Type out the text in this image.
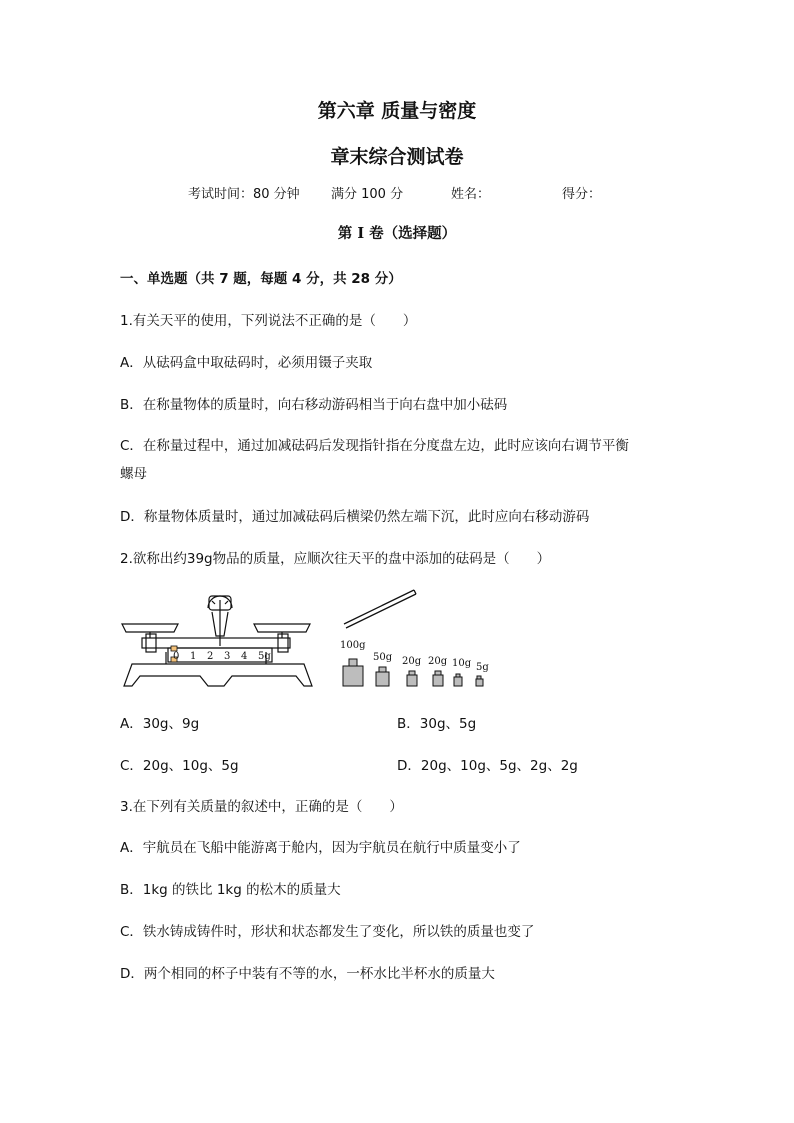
第六章 质量与密度
章末综合测试卷
考试时间：80 分钟 满分 100 分	姓名：	得分：
第 I 卷（选择题）
一、单选题（共 7 题，每题 4 分，共 28 分）
1.有关天平的使用，下列说法不正确的是（　　）
A．从砝码盒中取砝码时，必须用镊子夹取
B．在称量物体的质量时，向右移动游码相当于向右盘中加小砝码
C．在称量过程中，通过加减砝码后发现指针指在分度盘左边，此时应该向右调节平衡
螺母
D．称量物体质量时，通过加减砝码后横梁仍然左端下沉，此时应向右移动游码
2.欲称出约39g物品的质量，应顺次往天平的盘中添加的砝码是（　　）
0 1 2 3 4 5g
100g
50g 20g 20g 10g 5g
A．30g、9g	B．30g、5g
C．20g、10g、5g	D．20g、10g、5g、2g、2g
3.在下列有关质量的叙述中，正确的是（　　）
A．宇航员在飞船中能游离于舱内，因为宇航员在航行中质量变小了
B．1kg 的铁比 1kg 的松木的质量大
C．铁水铸成铸件时，形状和状态都发生了变化，所以铁的质量也变了
D．两个相同的杯子中装有不等的水，一杯水比半杯水的质量大
